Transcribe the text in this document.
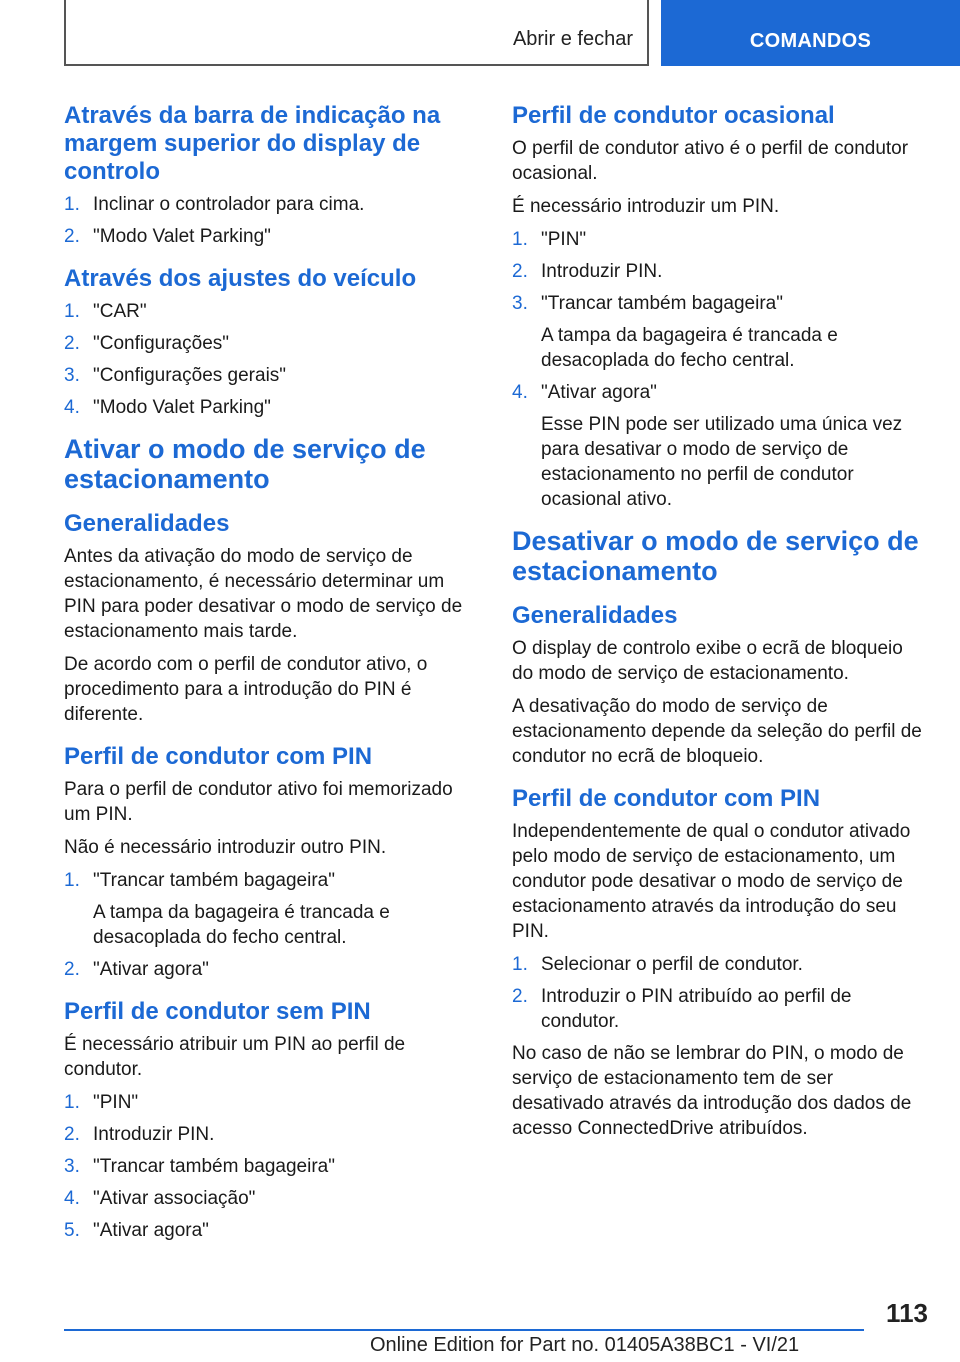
Abrir e fechar	COMANDOS
Através da barra de indicação na margem superior do display de controlo
1. Inclinar o controlador para cima.
2. "Modo Valet Parking"
Através dos ajustes do veículo
1. "CAR"
2. "Configurações"
3. "Configurações gerais"
4. "Modo Valet Parking"
Ativar o modo de serviço de estacionamento
Generalidades

Antes da ativação do modo de serviço de estacionamento, é necessário determinar um PIN para poder desativar o modo de serviço de estacionamento mais tarde.

De acordo com o perfil de condutor ativo, o procedimento para a introdução do PIN é diferente.

Perfil de condutor com PIN

Para o perfil de condutor ativo foi memorizado um PIN.

Não é necessário introduzir outro PIN.

1. "Trancar também bagageira"
A tampa da bagageira é trancada e desacoplada do fecho central.
2. "Ativar agora"
Perfil de condutor sem PIN

É necessário atribuir um PIN ao perfil de condutor.

1. "PIN"
2. Introduzir PIN.
3. "Trancar também bagageira"
4. "Ativar associação"
5. "Ativar agora"
Perfil de condutor ocasional

O perfil de condutor ativo é o perfil de condutor ocasional.

É necessário introduzir um PIN.

1. "PIN"
2. Introduzir PIN.
3. "Trancar também bagageira"
A tampa da bagageira é trancada e desacoplada do fecho central.
4. "Ativar agora"
Esse PIN pode ser utilizado uma única vez para desativar o modo de serviço de estacionamento no perfil de condutor ocasional ativo.
Desativar o modo de serviço de estacionamento
Generalidades

O display de controlo exibe o ecrã de bloqueio do modo de serviço de estacionamento.

A desativação do modo de serviço de estacionamento depende da seleção do perfil de condutor no ecrã de bloqueio.

Perfil de condutor com PIN

Independentemente de qual o condutor ativado pelo modo de serviço de estacionamento, um condutor pode desativar o modo de serviço de estacionamento através da introdução do seu PIN.

1. Selecionar o perfil de condutor.
2. Introduzir o PIN atribuído ao perfil de condutor.

No caso de não se lembrar do PIN, o modo de serviço de estacionamento tem de ser desativado através da introdução dos dados de acesso ConnectedDrive atribuídos.

113
Online Edition for Part no. 01405A38BC1 - VI/21
